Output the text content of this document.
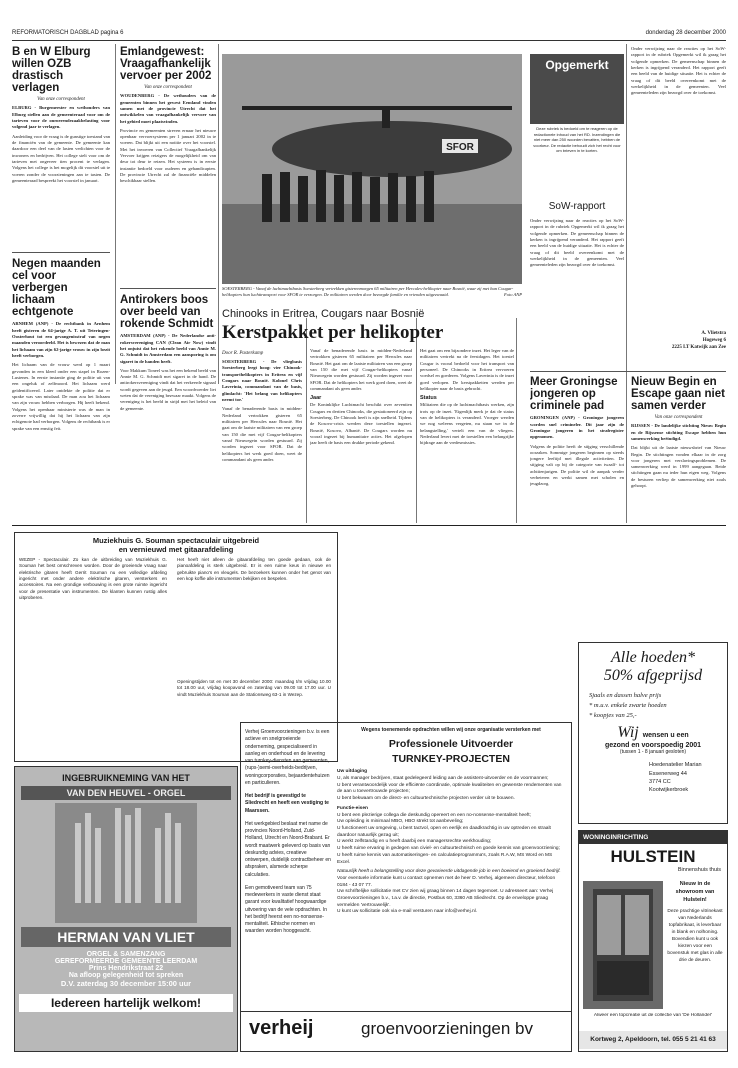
REFORMATORISCH DAGBLAD pagina 6	donderdag 28 december 2000
B en W Elburg willen OZB drastisch verlagen
Van onze correspondent
ELBURG - Burgemeester en wethouders van Elburg stellen aan de gemeenteraad voor om de tarieven voor de onroerendezaakbelasting voor volgend jaar te verlagen.
Aanleiding voor de vraag is de gunstige toestand van de financiën van de gemeente. De gemeente kan daardoor een deel van de lasten verlichten voor de inwoners en bedrijven. Het college stelt voor om de tarieven met ongeveer tien procent te verlagen. Volgens het college is het mogelijk dit voorstel uit te voeren zonder de voorzieningen aan te tasten. De gemeenteraad bespreekt het voorstel in januari.
Negen maanden cel voor verbergen lichaam echtgenote
ARNHEM (ANP) - De rechtbank in Arnhem heeft gisteren de 64-jarige A. T. uit Teteringen-Oosterhout tot een gevangenisstraf van negen maanden veroordeeld. Het is bewezen dat de man het lichaam van zijn 62-jarige vrouw in zijn bezit heeft verborgen.
Het lichaam van de vrouw werd op 1 maart gevonden in een kleed onder een stapel in Rozen-Lustenes. In eerste instantie ging de politie uit van een ongeluk of zelfmoord. Het lichaam werd geïdentificeerd. Later ontdekte de politie dat er sprake was van misdaad. De man zou het lichaam van zijn vrouw hebben verborgen. Hij heeft bekend. Volgens het openbaar ministerie was de man in zoverre vrijwillig dat hij het lichaam van zijn echtgenote had verborgen. Volgens de rechtbank is er sprake van een ernstig feit.
Emlandgewest: Vraagafhankelijk vervoer per 2002
Van onze correspondent
WOUDENBERG - De wethouders van de gemeenten binnen het gewest Eemland vinden samen met de provincie Utrecht dat het ontwikkelen van vraagafhankelijk vervoer van het gebied moet plaatsvinden.
Provincie en gemeenten streven ernaar het nieuwe openbaar vervoersysteem per 1 januari 2002 in te voeren. Dat blijkt uit een notitie over het voorstel. Met het invoeren van Collectief Vraagafhankelijk Vervoer krijgen reizigers de mogelijkheid om van deur tot deur te reizen. Het systeem is in eerste instantie bedoeld voor ouderen en gehandicapten. De provincie Utrecht zal de financiële middelen beschikbaar stellen.
Antirokers boos over beeld van rokende Schmidt
AMSTERDAM (ANP) - De Nederlandse anti-rokersvereniging CAN (Clean Air Now) vindt het onjuist dat het rokende beeld van Annie M. G. Schmidt in Amsterdam een aansporing is om sigaret in de handen heeft.
Voor Makkum Toneel was het een bekend beeld van Annie M. G. Schmidt met sigaret in de hand. De antirokersvereniging vindt dat het verkeerde signaal wordt gegeven aan de jeugd. Een woordvoerder liet weten dat de vereniging bezwaar maakt. Volgens de vereniging is het beeld in strijd met het beleid van de gemeente.
SFOR
SOESTERBERG - Vanaf de luchtmachtbasis Soesterberg vertrekken gisterenmorgen 65 militairen per Hercules-helikopter naar Bosnië, waar zij met hun Cougar-helikopters hun luchttransport voor SFOR te verzorgen. De militairen werden door bezorgde familie en vrienden uitgezwaaid.	Foto ANP
Chinooks in Eritrea, Cougars naar Bosnië
Kerstpakket per helikopter
Door R. Pasterkamp
SOESTERBERG - De vliegbasis Soesterberg leegt hoog: vier Chinook-transporthelikopters in Eritrea en vijf Cougars naar Bosnië. Kolonel Chris Laverinia, commandant van de basis, glimlacht: 'Het belang van helikopters neemt toe.'
Vanaf de benaderende basis in midden-Nederland vertrokken gisteren 65 militairen per Hercules naar Bosnië. Het gaat om de laatste militairen van een groep van 150 die met vijf Cougar-helikopters vanaf Nieuwegein worden gestuurd. Zij worden ingezet voor SFOR. Dat de helikopters het werk goed doen, weet de commandant als geen ander.
Vanaf de benaderende basis in midden-Nederland vertrokken gisteren 65 militairen per Hercules naar Bosnië. Het gaat om de laatste militairen van een groep van 150 die met vijf Cougar-helikopters vanaf Nieuwegein worden gestuurd. Zij worden ingezet voor SFOR. Dat de helikopters het werk goed doen, weet de commandant als geen ander.
Jaar
De Koninklijke Luchtmacht beschikt over zeventien Cougars en dertien Chinooks, die gestationeerd zijn op Soesterberg. De Chinook heeft is zijn snelheid. Tijdens de Kosovo-crisis werden deze toestellen ingezet. Bosnië, Kosovo, Albanië. De Cougars worden nu vooral ingezet bij humanitaire acties. Het afgelopen jaar heeft de basis een drukke periode gekend.
Het gaat om een bijzondere inzet. Het leger van de militairen vertrekt na de feestdagen. Het toestel Cougar is vooral bedoeld voor het transport van personeel. De Chinooks in Eritrea vervoeren voedsel en goederen. Volgens Laverinia is de inzet goed verlopen. De kerstpakketten werden per helikopter naar de basis gebracht.
Status
Militairen die op de luchtmachtbasis werken, zijn trots op de inzet. 'Eigenlijk merk je dat de status van de helikopters is veranderd. Vroeger werden we nog weleens vergeten, nu staan we in de belangstelling,' vertelt een van de vliegers. Nederland levert met de toestellen een belangrijke bijdrage aan de vredesmissies.
Opgemerkt
Deze rubriek is bedoeld om te reageren op de redactionele inhoud van het RD. Inzendingen die niet meer dan 250 woorden bevatten, hebben de voorkeur. De redactie behoudt zich het recht voor om brieven in te korten.
SoW-rapport
Onder verwijzing naar de reacties op het SoW-rapport in de rubriek Opgemerkt wil ik graag het volgende opmerken. De gemeenschap binnen de kerken is ingrijpend veranderd. Het rapport geeft een beeld van de huidige situatie. Het is echter de vraag of dit beeld overeenkomt met de werkelijkheid in de gemeenten. Veel gemeenteleden zijn bezorgd over de toekomst.
Onder verwijzing naar de reacties op het SoW-rapport in de rubriek Opgemerkt wil ik graag het volgende opmerken. De gemeenschap binnen de kerken is ingrijpend veranderd. Het rapport geeft een beeld van de huidige situatie. Het is echter de vraag of dit beeld overeenkomt met de werkelijkheid in de gemeenten. Veel gemeenteleden zijn bezorgd over de toekomst.
A. Vlietstra
Hogeweg 6
2225 LT Katwijk aan Zee
Meer Groningse jongeren op criminele pad
GRONINGEN (ANP) - Groningse jongeren worden snel crimineler. Dit jaar zijn de Groningse jongeren in het strafregister opgenomen.
Volgens de politie heeft de stijging verschillende oorzaken. Sommige jongeren beginnen op steeds jongere leeftijd met illegale activiteiten. De stijging valt op bij de categorie van twaalf- tot achttienjarigen. De politie wil de aanpak verder verbeteren en werkt samen met scholen en jeugdzorg.
Nieuw Begin en Escape gaan niet samen verder
Van onze correspondent
RIJSSEN - De landelijke stichting Nieuw Begin en de Rijssense stichting Escape hebben hun samenwerking beëindigd.
Dat blijkt uit de laatste nieuwsbrief van Nieuw Begin. De stichtingen vonden elkaar in de zorg voor jongeren met verslavingsproblemen. De samenwerking werd in 1999 aangegaan. Beide stichtingen gaan nu ieder hun eigen weg. Volgens de besturen verliep de samenwerking niet zoals gehoopt.
Muziekhuis G. Souman spectaculair uitgebreid
en vernieuwd met gitaarafdeling
WEZEP - Spectaculair. Zo kan de uitbreiding van Muziekhuis G. Souman het best omschreven worden. Door de groeiende vraag naar elektrische gitaren heeft Gerrit Souman nu een volledige afdeling ingericht met onder andere elektrische gitaren, versterkers en accessoires. Na een grondige verbouwing is een grote ruimte ingericht voor de presentatie van instrumenten. De klanten kunnen rustig alles uitproberen.
Het heeft niet alleen de gitaarafdeling ten goede gedaan, ook de pianoafdeling is sterk uitgebreid. Er is een ruime keus in nieuwe en gebruikte piano's en vleugels. De bezoekers kunnen onder het genot van een kop koffie alle instrumenten bekijken en bespelen.
Openingstijden tot en met 30 december 2000: maandag t/m vrijdag 10.00 tot 18.00 uur, vrijdag koopavond en zaterdag van 09.00 tot 17.00 uur. U vindt Muziekhuis Souman aan de Stationsweg 63-1 in Wezep.
INGEBRUIKNEMING VAN HET
VAN DEN HEUVEL - ORGEL
HERMAN VAN VLIET
ORGEL & SAMENZANG
GEREFORMEERDE GEMEENTE LEERDAM
Prins Hendrikstraat 22
Na afloop gelegenheid tot spreken
D.V. zaterdag 30 december 15:00 uur
Iedereen hartelijk welkom!
Verhej Groenvoorzieningen b.v. is een actieve en snelgroeiende onderneming, gespecialiseerd in aanleg en onderhoud en de levering van turnkey-diensten aan gemeenten, (rups-)semi-overheids-bedrijven, woningcorporaties, bejaardentehuizen en particulieren.
Het bedrijf is gevestigd te Sliedrecht en heeft een vestiging te Maarssen.
Het werkgebied beslaat met name de provincies Noord-Holland, Zuid-Holland, Utrecht en Noord-Brabant. Er wordt maatwerk geleverd op basis van deskundig advies, creatieve ontwerpen, duidelijk contractbeheer en afspraken, alsmede scherpe calculaties.
Een gemotiveerd team van 75 medewerkers in vaste dienst staat garant voor kwalitatief hoogwaardige uitvoering van de vele opdrachten. In het bedrijf heerst een no-nonsense-mentaliteit. Ethische normen en waarden worden hooggeacht.
Wegens toenemende opdrachten willen wij onze organisatie versterken met
Professionele Uitvoerder
TURNKEY-PROJECTEN
Uw uitdaging
U, als manager bedrijven, staat gedelegeerd leiding aan de assistent-uitvoerder en de voormannen;
U bent verantwoordelijk voor de efficiënte coördinatie, optimale kwaliteiten en gewenste rendementen van de aan u toevertrouwde projecten;
U bent bekwaam om de direct- en cultuurtechnische projecten verder uit te bouwen.
Functie-eisen
U bent een plezierige collega die deskundig opereert en een no-nonsense-mentaliteit heeft;
Uw opleiding is minimaal MBO, HBO strekt tot aanbeveling;
U functioneert uw omgeving, u bent tactvol, open en eerlijk en daadkrachtig in uw optreden en straalt daardoor natuurlijk gezag uit;
U werkt zelfstandig en u heeft daarbij een managersrechte werkhouding;
U heeft ruime ervaring in gedegen van civiel- en cultuurtechnisch en goede kennis van groenvoorziening;
U heeft ruime kennis van automatiseringen- en calculatieprogramma's, zoals R.A.W, MS Word en MS Excel.
Natuurlijk heeft u belangstelling voor deze gevarieerde uitdagende job in een boeiend en groeiend bedrijf.
Voor eventuele informatie kunt u contact opnemen met de heer D. Verhej, algemeen directeur, telefoon 0184 - 43 07 77.
Uw schriftelijke sollicitatie met CV zien wij graag binnen 14 dagen tegemoet. U adresseert aan: Verhej Groenvoorzieningen b.v., t.a.v. de directie, Postbus 60, 3360 AB Sliedrecht. Op de enveloppe graag vermelden 'vertrouwelijk'.
U kunt uw sollicitatie ook via e-mail versturen naar info@verhej.nl.
verheij	groenvoorzieningen bv
Alle hoeden*
50% afgeprijsd
Sjaals en dassen halve prijs
* m.u.v. enkele zwarte hoeden
* koopjes van 25,-
Wij wensen u een
gezond en voorspoedig 2001
(tussen 1 - 8 januari gesloten)
Hoedenatelier Marian
Essenerweg 44
3774 CC
Kootwijkerbroek
WONINGINRICHTING
HULSTEIN
Binnenshuis thuis
Nieuw in de showroom van Hulstein!
Deze prachtige vitrinekast van Nederlands topfabrikaat, is leverbaar in blank en nolhoning. Bovendien kunt u ook kiezen voor een bovenstuk met glas in alle drie de deuren.
Alweer een topcreatie uit de collectie van 'De Hollander'
Kortweg 2, Apeldoorn, tel. 055 5 21 41 63
